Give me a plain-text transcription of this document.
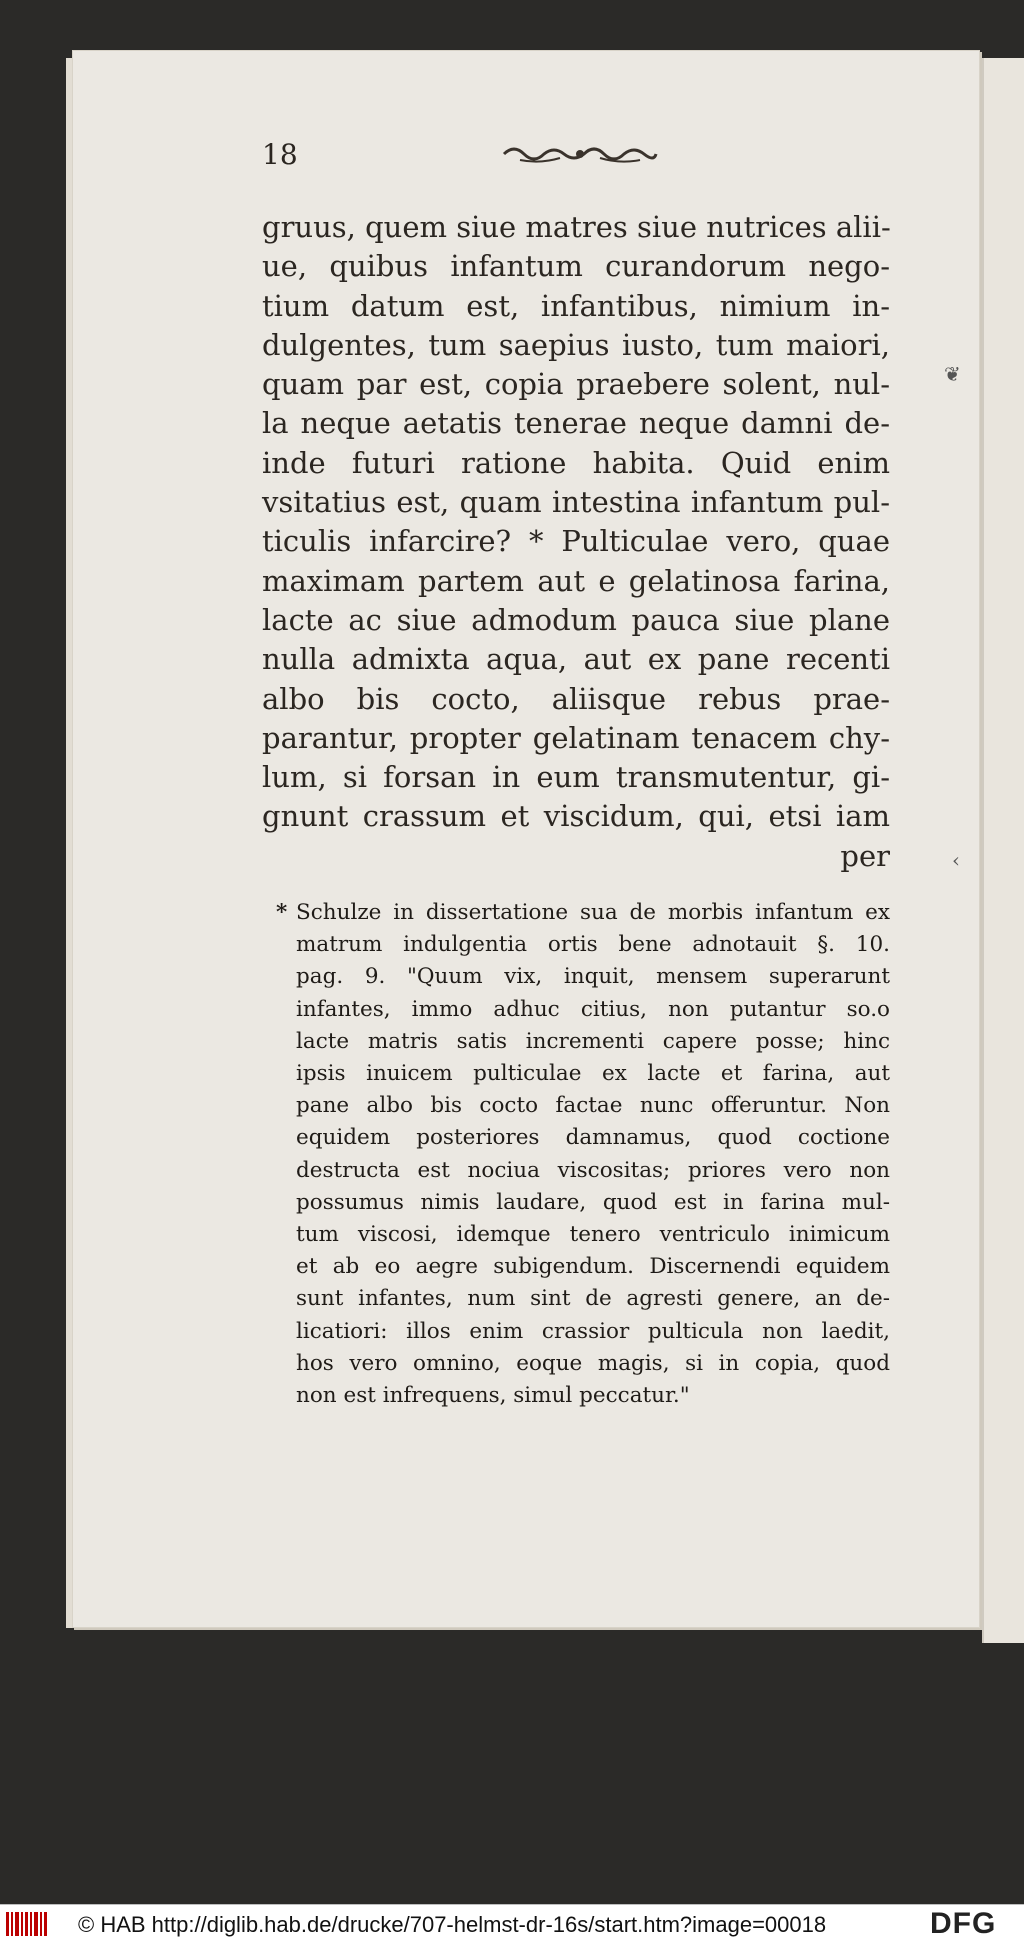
18
gruus, quem siue matres siue nutrices alii-
ue, quibus infantum curandorum nego-
tium datum est, infantibus, nimium in-
dulgentes, tum saepius iusto, tum maiori,
quam par est, copia praebere solent, nul-
la neque aetatis tenerae neque damni de-
inde futuri ratione habita. Quid enim
vsitatius est, quam intestina infantum pul-
ticulis infarcire? * Pulticulae vero, quae
maximam partem aut e gelatinosa farina,
lacte ac siue admodum pauca siue plane
nulla admixta aqua, aut ex pane recenti
albo bis cocto, aliisque rebus prae-
parantur, propter gelatinam tenacem chy-
lum, si forsan in eum transmutentur, gi-
gnunt crassum et viscidum, qui, etsi iam
per
* Schulze in dissertatione sua de morbis infantum ex
matrum indulgentia ortis bene adnotauit §. 10.
pag. 9. "Quum vix, inquit, mensem superarunt
infantes, immo adhuc citius, non putantur so.o
lacte matris satis incrementi capere posse; hinc
ipsis inuicem pulticulae ex lacte et farina, aut
pane albo bis cocto factae nunc offeruntur. Non
equidem posteriores damnamus, quod coctione
destructa est nociua viscositas; priores vero non
possumus nimis laudare, quod est in farina mul-
tum viscosi, idemque tenero ventriculo inimicum
et ab eo aegre subigendum. Discernendi equidem
sunt infantes, num sint de agresti genere, an de-
licatiori: illos enim crassior pulticula non laedit,
hos vero omnino, eoque magis, si in copia, quod
non est infrequens, simul peccatur."
❦
‹
© HAB http://diglib.hab.de/drucke/707-helmst-dr-16s/start.htm?image=00018	DFG
